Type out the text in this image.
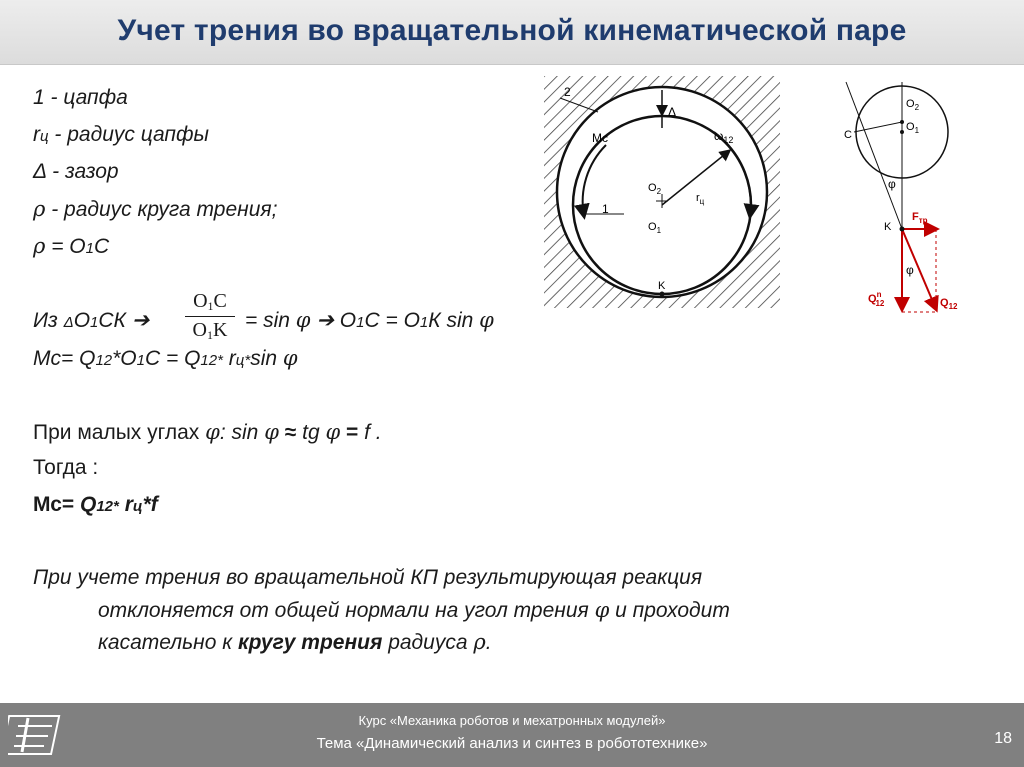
Учет трения во вращательной кинематической паре
1 - цапфа
rц - радиус цапфы
Δ - зазор
ρ - радиус круга трения;
ρ = O1С
Из ΔO1СК ➔
O1C
O1K = sin φ ➔ O1С = O1К sin φ
Мс= Q12*O1С = Q12* rц*sin φ
При малых углах φ: sin φ ≈ tg φ = f .
Тогда :
Мс= Q12* rц*f
При учете трения во вращательной КП результирующая реакция
отклоняется от общей нормали на угол трения φ и проходит
касательно к кругу трения радиуса ρ.
2
1
Mс
Δ
$\omega_{12}$
$O_2$
$O_1$
$r_ц$
K
$O_2$
$O_1$
C
φ
K
$F_{тр}$
φ
$Q^n$ 12	$Q_{12}$
Курс «Механика роботов и мехатронных модулей»
Тема «Динамический анализ и синтез в робототехнике»	18
